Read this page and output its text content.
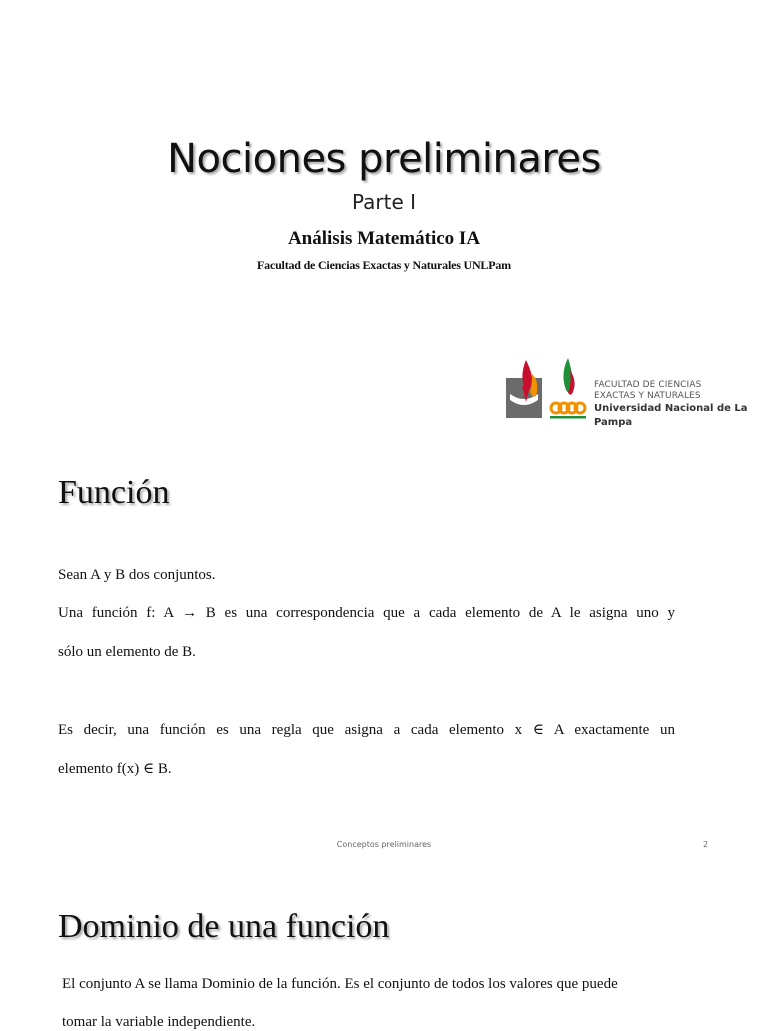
Nociones preliminares
Parte I
Análisis Matemático IA
Facultad de Ciencias Exactas y Naturales UNLPam
FACULTAD DE CIENCIAS
EXACTAS Y NATURALES
Universidad Nacional de La Pampa
Función
Sean A y B dos conjuntos.
Una función f: A → B es una correspondencia que a cada elemento de A le asigna uno y
sólo un elemento de B.
Es decir, una función es una regla que asigna a cada elemento x ∈ A exactamente un
elemento f(x) ∈ B.
Conceptos preliminares	2
Dominio de una función
El conjunto A se llama Dominio de la función. Es el conjunto de todos los valores que puede
tomar la variable independiente.
